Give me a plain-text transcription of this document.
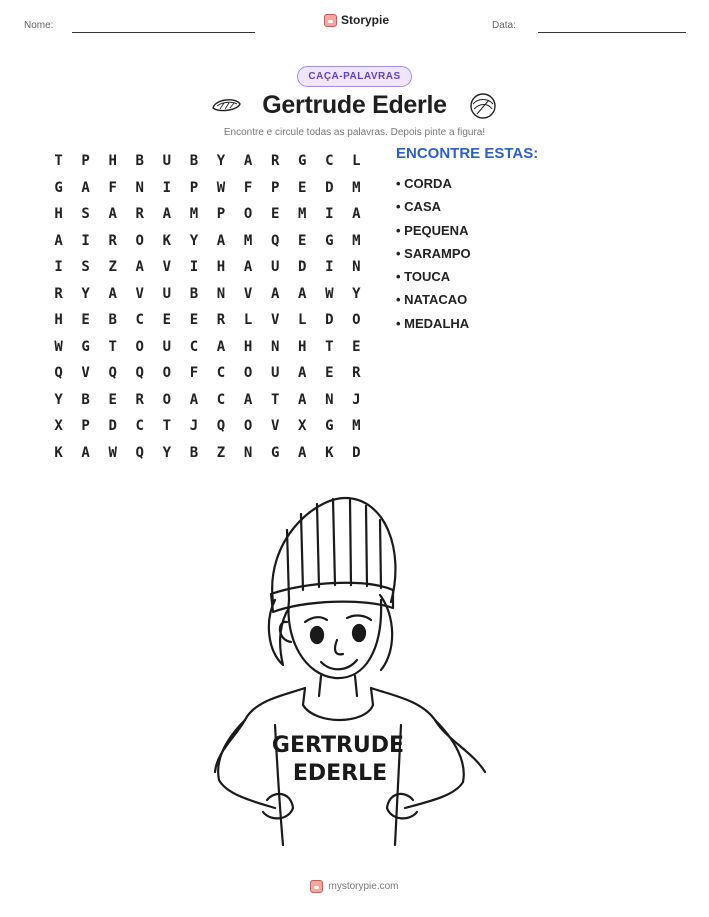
Nome:	Storypie	Data:
CAÇA-PALAVRAS
Gertrude Ederle
Encontre e circule todas as palavras. Depois pinte a figura!
T	P	H	B	U	B	Y	A	R	G	C	L
G	A	F	N	I	P	W	F	P	E	D	M
H	S	A	R	A	M	P	O	E	M	I	A
A	I	R	O	K	Y	A	M	Q	E	G	M
I	S	Z	A	V	I	H	A	U	D	I	N
R	Y	A	V	U	B	N	V	A	A	W	Y
H	E	B	C	E	E	R	L	V	L	D	O
W	G	T	O	U	C	A	H	N	H	T	E
Q	V	Q	Q	O	F	C	O	U	A	E	R
Y	B	E	R	O	A	C	A	T	A	N	J
X	P	D	C	T	J	Q	O	V	X	G	M
K	A	W	Q	Y	B	Z	N	G	A	K	D
ENCONTRE ESTAS:
• CORDA
• CASA
• PEQUENA
• SARAMPO
• TOUCA
• NATACAO
• MEDALHA
GERTRUDE
EDERLE
mystorypie.com
